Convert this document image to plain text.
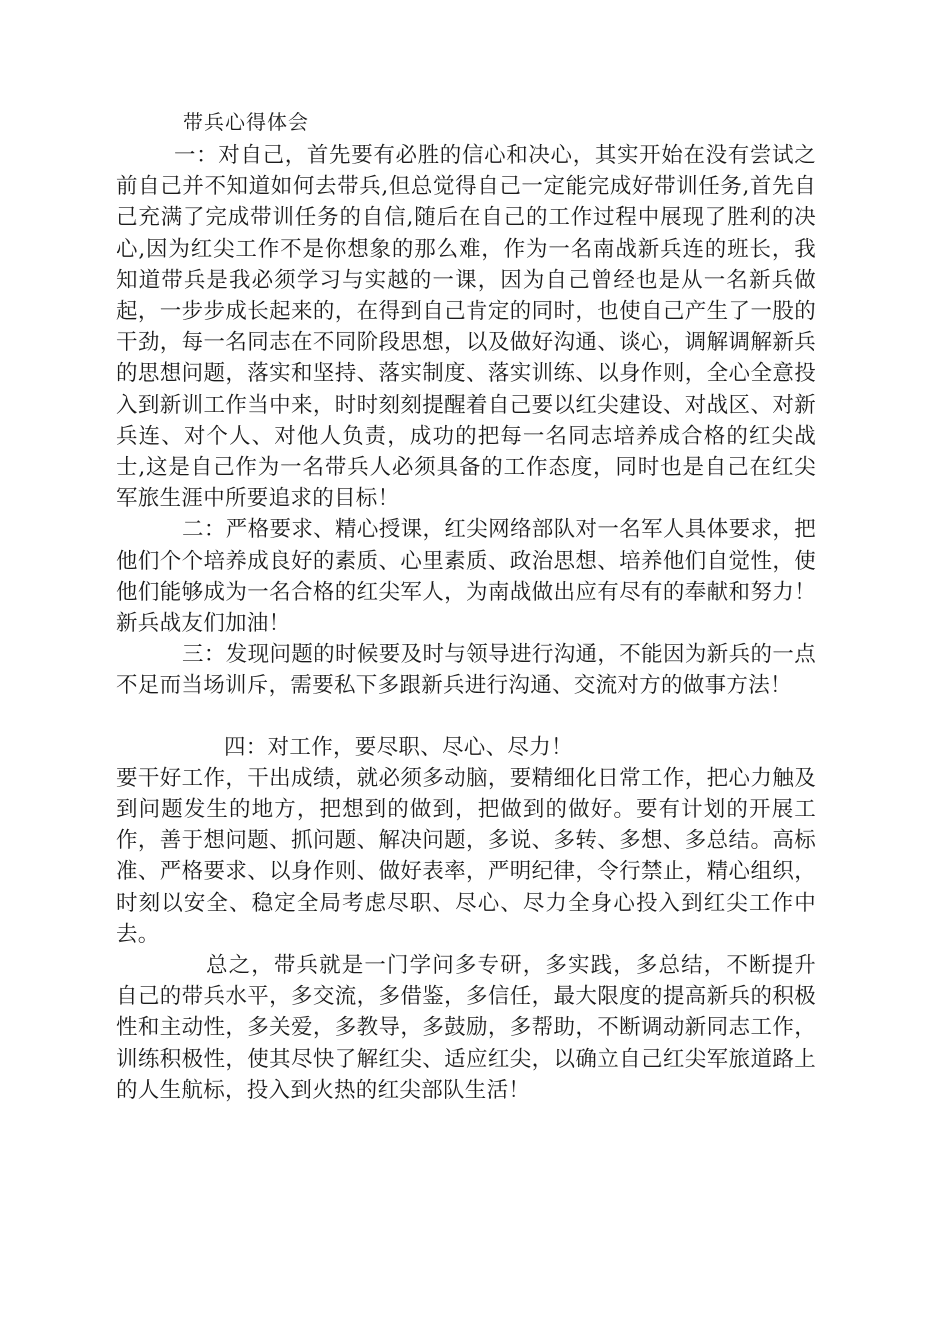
带兵心得体会

一：对自己，首先要有必胜的信心和决心，其实开始在没有尝试之前自己并不知道如何去带兵,但总觉得自己一定能完成好带训任务,首先自己充满了完成带训任务的自信,随后在自己的工作过程中展现了胜利的决心,因为红尖工作不是你想象的那么难，作为一名南战新兵连的班长，我知道带兵是我必须学习与实越的一课，因为自己曾经也是从一名新兵做起，一步步成长起来的，在得到自己肯定的同时，也使自己产生了一股的干劲，每一名同志在不同阶段思想，以及做好沟通、谈心，调解调解新兵的思想问题，落实和坚持、落实制度、落实训练、以身作则，全心全意投入到新训工作当中来，时时刻刻提醒着自己要以红尖建设、对战区、对新兵连、对个人、对他人负责，成功的把每一名同志培养成合格的红尖战士,这是自己作为一名带兵人必须具备的工作态度，同时也是自己在红尖军旅生涯中所要追求的目标！

二：严格要求、精心授课，红尖网络部队对一名军人具体要求，把他们个个培养成良好的素质、心里素质、政治思想、培养他们自觉性，使他们能够成为一名合格的红尖军人，为南战做出应有尽有的奉献和努力！新兵战友们加油！

三：发现问题的时候要及时与领导进行沟通，不能因为新兵的一点不足而当场训斥，需要私下多跟新兵进行沟通、交流对方的做事方法！

四：对工作，要尽职、尽心、尽力！

要干好工作，干出成绩，就必须多动脑，要精细化日常工作，把心力触及到问题发生的地方，把想到的做到，把做到的做好。要有计划的开展工作，善于想问题、抓问题、解决问题，多说、多转、多想、多总结。高标准、严格要求、以身作则、做好表率，严明纪律，令行禁止，精心组织，时刻以安全、稳定全局考虑尽职、尽心、尽力全身心投入到红尖工作中去。

总之，带兵就是一门学问多专研，多实践，多总结，不断提升自己的带兵水平，多交流，多借鉴，多信任，最大限度的提高新兵的积极性和主动性，多关爱，多教导，多鼓励，多帮助，不断调动新同志工作，训练积极性，使其尽快了解红尖、适应红尖，以确立自己红尖军旅道路上的人生航标，投入到火热的红尖部队生活！
